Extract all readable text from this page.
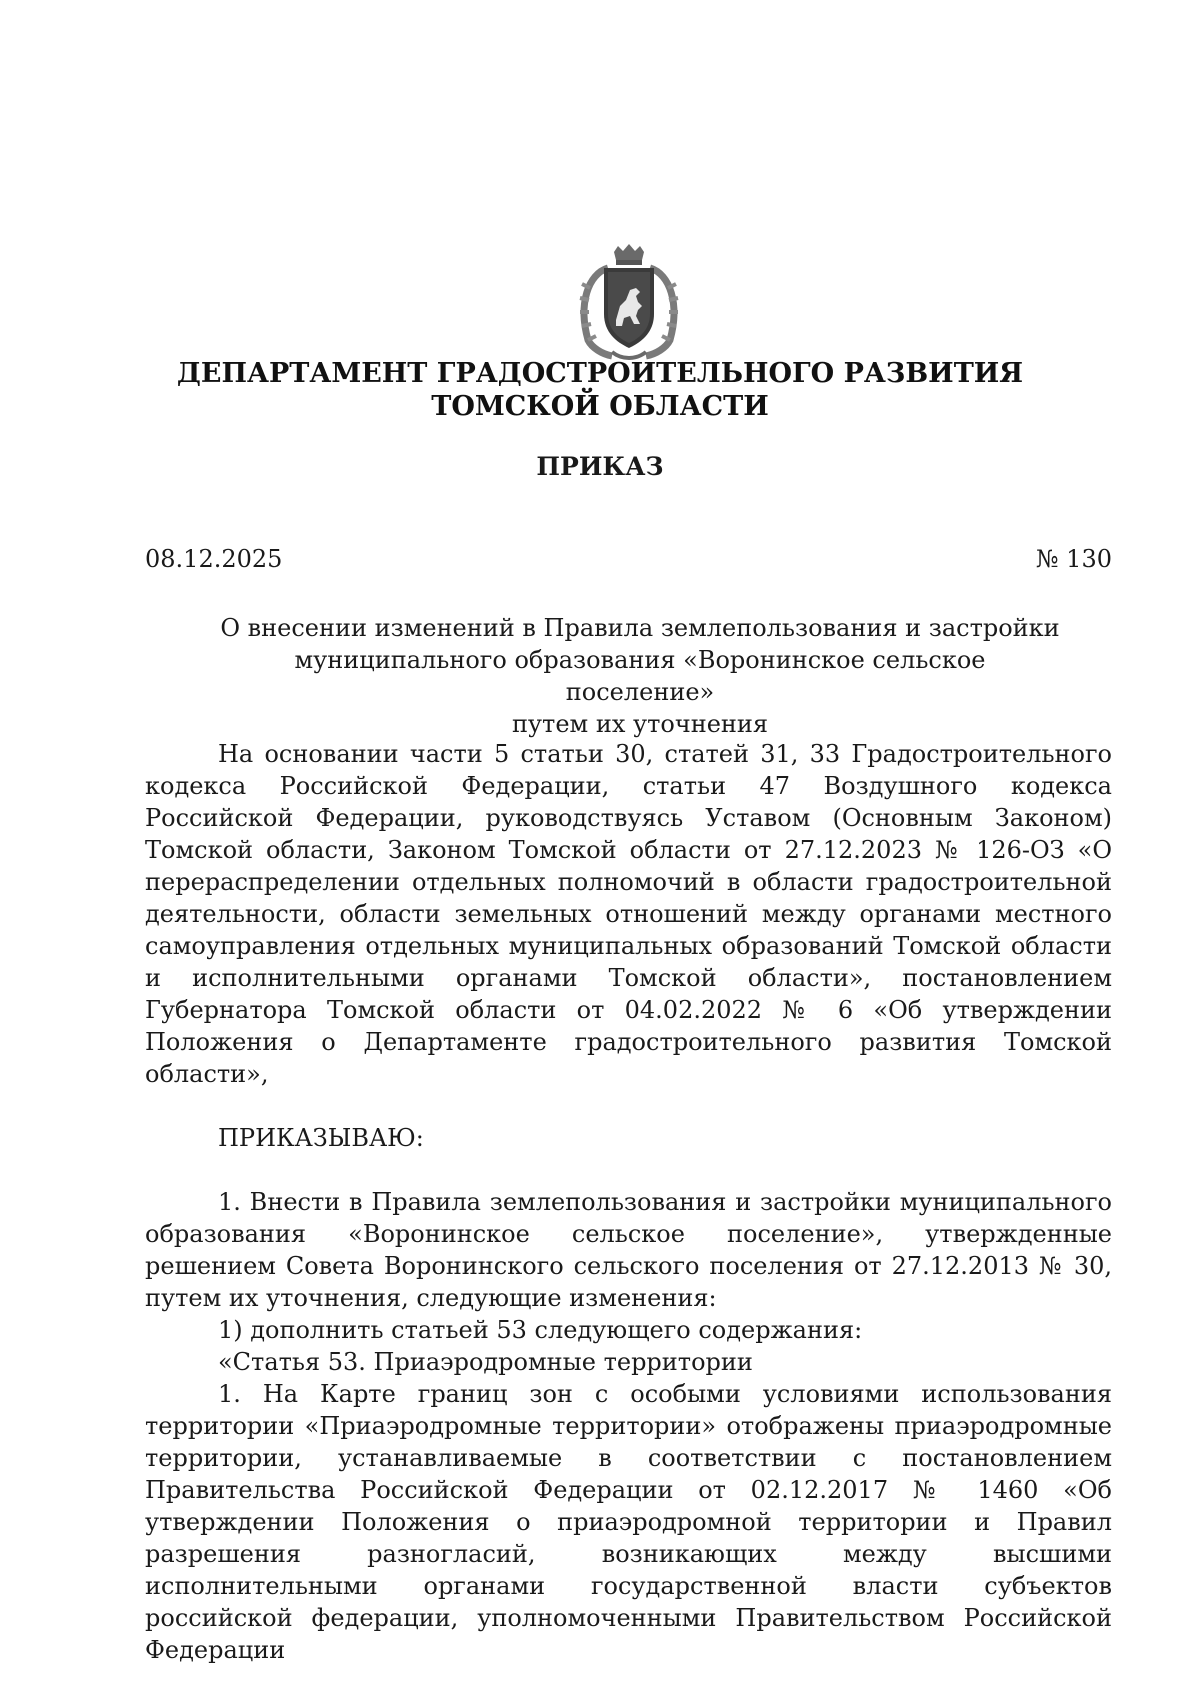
ДЕПАРТАМЕНТ ГРАДОСТРОИТЕЛЬНОГО РАЗВИТИЯ
ТОМСКОЙ ОБЛАСТИ
ПРИКАЗ
08.12.2025	№ 130
О внесении изменений в Правила землепользования и застройки
муниципального образования «Воронинское сельское поселение»
путем их уточнения

На основании части 5 статьи 30, статей 31, 33 Градостроительного кодекса Российской Федерации, статьи 47 Воздушного кодекса Российской Федерации, руководствуясь Уставом (Основным Законом) Томской области, Законом Томской области от 27.12.2023 № 126-ОЗ «О перераспределении отдельных полномочий в области градостроительной деятельности, области земельных отношений между органами местного самоуправления отдельных муниципальных образований Томской области и исполнительными органами Томской области», постановлением Губернатора Томской области от 04.02.2022 № 6 «Об утверждении Положения о Департаменте градостроительного развития Томской области»,

ПРИКАЗЫВАЮ:

1. Внести в Правила землепользования и застройки муниципального образования «Воронинское сельское поселение», утвержденные решением Совета Воронинского сельского поселения от 27.12.2013 № 30, путем их уточнения, следующие изменения:

1) дополнить статьей 53 следующего содержания:

«Статья 53. Приаэродромные территории

1. На Карте границ зон с особыми условиями использования территории «Приаэродромные территории» отображены приаэродромные территории, устанавливаемые в соответствии с постановлением Правительства Российской Федерации от 02.12.2017 № 1460 «Об утверждении Положения о приаэродромной территории и Правил разрешения разногласий, возникающих между высшими исполнительными органами государственной власти субъектов российской федерации, уполномоченными Правительством Российской Федерации
